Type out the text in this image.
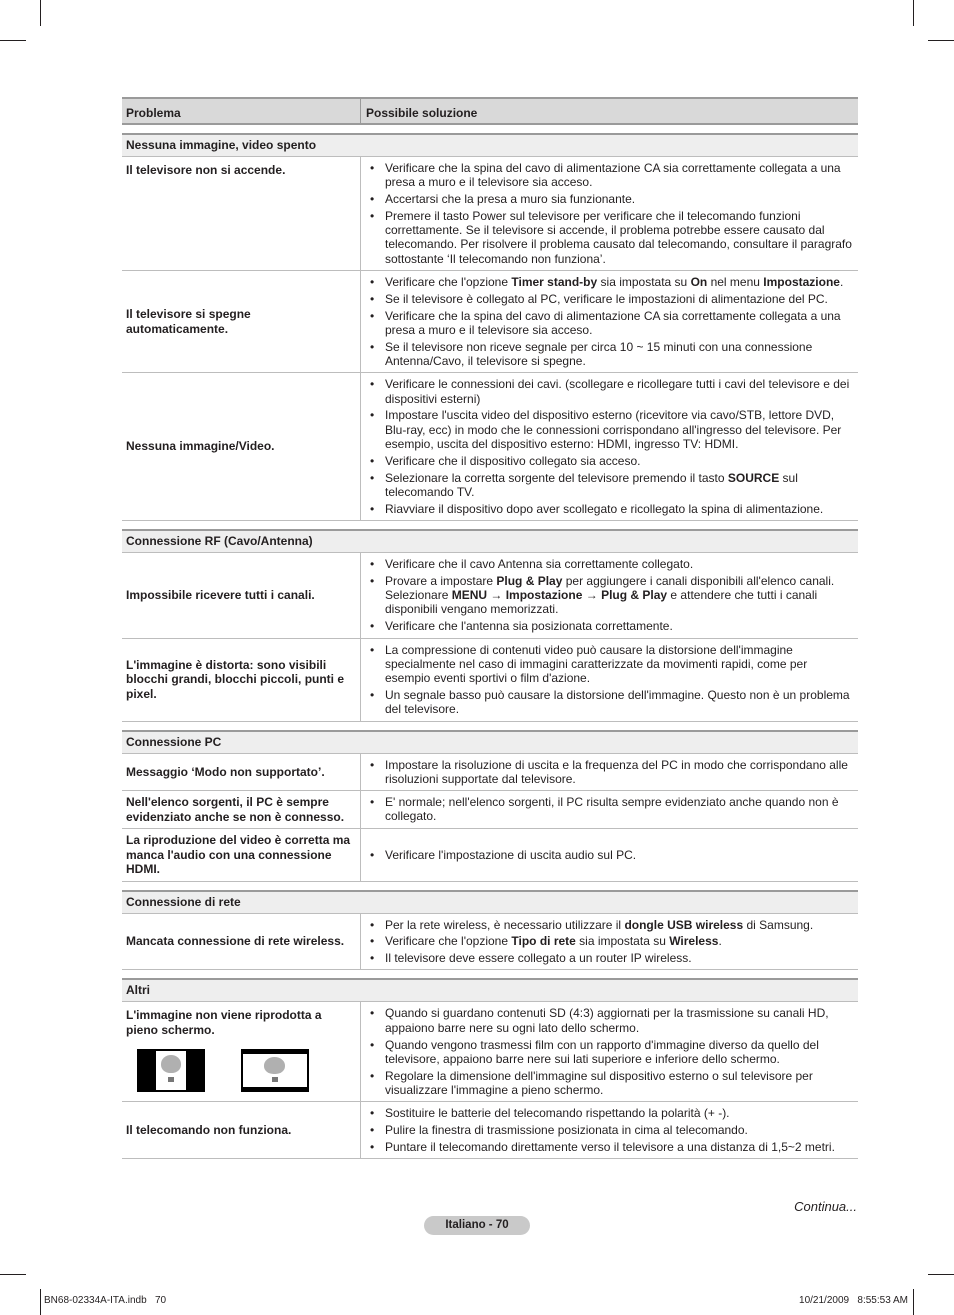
Problema	Possibile soluzione
Nessuna immagine, video spento
Il televisore non si accende.
•	Verificare che la spina del cavo di alimentazione CA sia correttamente collegata a una presa a muro e il televisore sia acceso.
• Accertarsi che la presa a muro sia funzionante.
• Premere il tasto Power sul televisore per verificare che il telecomando funzioni correttamente. Se il televisore si accende, il problema potrebbe essere causato dal telecomando. Per risolvere il problema causato dal telecomando, consultare il paragrafo sottostante ‘Il telecomando non funziona’.
Il televisore si spegne automaticamente.
• Verificare che l'opzione Timer stand-by sia impostata su On nel menu Impostazione.
• Se il televisore è collegato al PC, verificare le impostazioni di alimentazione del PC.
• Verificare che la spina del cavo di alimentazione CA sia correttamente collegata a una presa a muro e il televisore sia acceso.
• Se il televisore non riceve segnale per circa 10 ~ 15 minuti con una connessione Antenna/Cavo, il televisore si spegne.
Nessuna immagine/Video.
• Verificare le connessioni dei cavi. (scollegare e ricollegare tutti i cavi del televisore e dei dispositivi esterni)
• Impostare l'uscita video del dispositivo esterno (ricevitore via cavo/STB, lettore DVD, Blu-ray, ecc) in modo che le connessioni corrispondano all'ingresso del televisore. Per esempio, uscita del dispositivo esterno: HDMI, ingresso TV: HDMI.
• Verificare che il dispositivo collegato sia acceso.
• Selezionare la corretta sorgente del televisore premendo il tasto SOURCE sul telecomando TV.
• Riavviare il dispositivo dopo aver scollegato e ricollegato la spina di alimentazione.
Connessione RF (Cavo/Antenna)
Impossibile ricevere tutti i canali.
• Verificare che il cavo Antenna sia correttamente collegato.
• Provare a impostare Plug & Play per aggiungere i canali disponibili all'elenco canali. Selezionare MENU → Impostazione → Plug & Play e attendere che tutti i canali disponibili vengano memorizzati.
• Verificare che l'antenna sia posizionata correttamente.
L'immagine è distorta: sono visibili blocchi grandi, blocchi piccoli, punti e pixel.
• La compressione di contenuti video può causare la distorsione dell'immagine specialmente nel caso di immagini caratterizzate da movimenti rapidi, come per esempio eventi sportivi o film d'azione.
• Un segnale basso può causare la distorsione dell'immagine. Questo non è un problema del televisore.
Connessione PC
Messaggio ‘Modo non supportato’.
• Impostare la risoluzione di uscita e la frequenza del PC in modo che corrispondano alle risoluzioni supportate dal televisore.
Nell'elenco sorgenti, il PC è sempre evidenziato anche se non è connesso.
• E' normale; nell'elenco sorgenti, il PC risulta sempre evidenziato anche quando non è collegato.
La riproduzione del video è corretta ma manca l'audio con una connessione HDMI.
• Verificare l'impostazione di uscita audio sul PC.
Connessione di rete
Mancata connessione di rete wireless.
• Per la rete wireless, è necessario utilizzare il dongle USB wireless di Samsung.
• Verificare che l'opzione Tipo di rete sia impostata su Wireless.
• Il televisore deve essere collegato a un router IP wireless.
Altri
L'immagine non viene riprodotta a pieno schermo.
• Quando si guardano contenuti SD (4:3) aggiornati per la trasmissione su canali HD, appaiono barre nere su ogni lato dello schermo.
• Quando vengono trasmessi film con un rapporto d'immagine diverso da quello del televisore, appaiono barre nere sui lati superiore e inferiore dello schermo.
• Regolare la dimensione dell'immagine sul dispositivo esterno o sul televisore per visualizzare l'immagine a pieno schermo.
Il telecomando non funziona.
• Sostituire le batterie del telecomando rispettando la polarità (+ -).
• Pulire la finestra di trasmissione posizionata in cima al telecomando.
• Puntare il telecomando direttamente verso il televisore a una distanza di 1,5~2 metri.
Continua...
Italiano - 70
BN68-02334A-ITA.indb   70	10/21/2009   8:55:53 AM
